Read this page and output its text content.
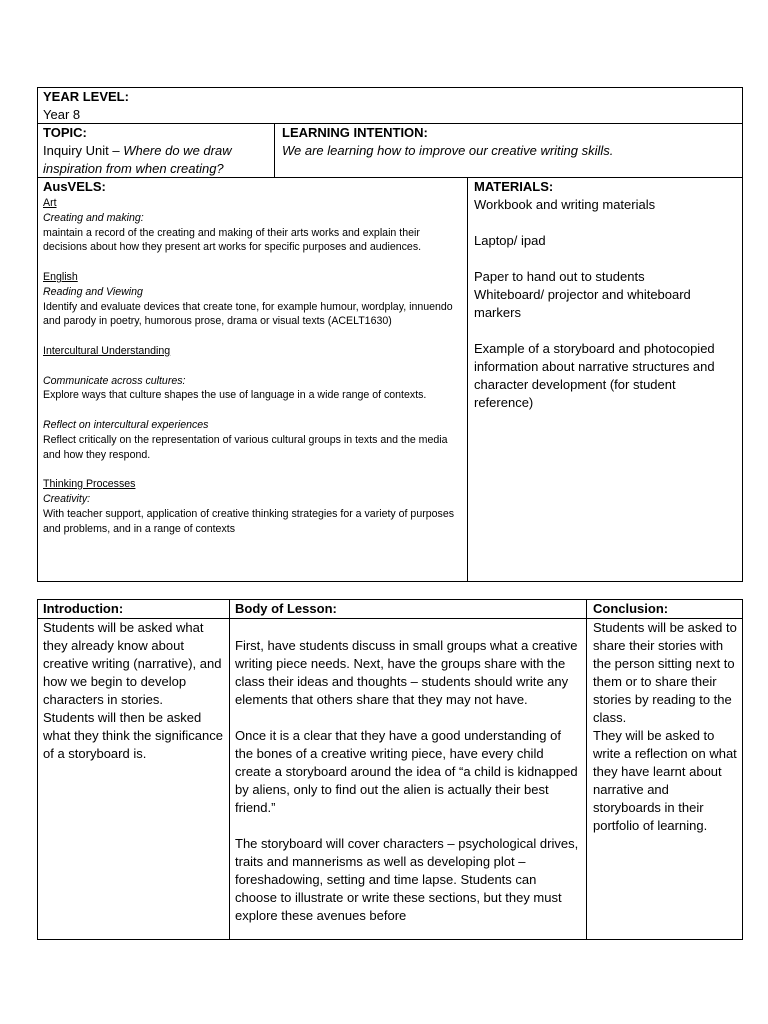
YEAR LEVEL:
Year 8
TOPIC:
Inquiry Unit – Where do we draw inspiration from when creating?
LEARNING INTENTION:
We are learning how to improve our creative writing skills.
AusVELS:
Art
Creating and making:
maintain a record of the creating and making of their arts works and explain their decisions about how they present art works for specific purposes and audiences.
English
Reading and Viewing
Identify and evaluate devices that create tone, for example humour, wordplay, innuendo and parody in poetry, humorous prose, drama or visual texts (ACELT1630)
Intercultural Understanding
Communicate across cultures:
Explore ways that culture shapes the use of language in a wide range of contexts.
Reflect on intercultural experiences
Reflect critically on the representation of various cultural groups in texts and the media and how they respond.
Thinking Processes
Creativity:
With teacher support, application of creative thinking strategies for a variety of purposes and problems, and in a range of contexts
MATERIALS:
Workbook and writing materials
Laptop/ ipad
Paper to hand out to students
Whiteboard/ projector and whiteboard markers
Example of a storyboard and photocopied information about narrative structures and character development (for student reference)
Introduction:
Students will be asked what they already know about creative writing (narrative), and how we begin to develop characters in stories.
Students will then be asked what they think the significance of a storyboard is.
Body of Lesson:
First, have students discuss in small groups what a creative writing piece needs. Next, have the groups share with the class their ideas and thoughts – students should write any elements that others share that they may not have.
Once it is a clear that they have a good understanding of the bones of a creative writing piece, have every child create a storyboard around the idea of “a child is kidnapped by aliens, only to find out the alien is actually their best friend.”
The storyboard will cover characters – psychological drives, traits and mannerisms as well as developing plot – foreshadowing, setting and time lapse. Students can choose to illustrate or write these sections, but they must explore these avenues before
Conclusion:
Students will be asked to share their stories with the person sitting next to them or to share their stories by reading to the class.
They will be asked to write a reflection on what they have learnt about narrative and storyboards in their portfolio of learning.
